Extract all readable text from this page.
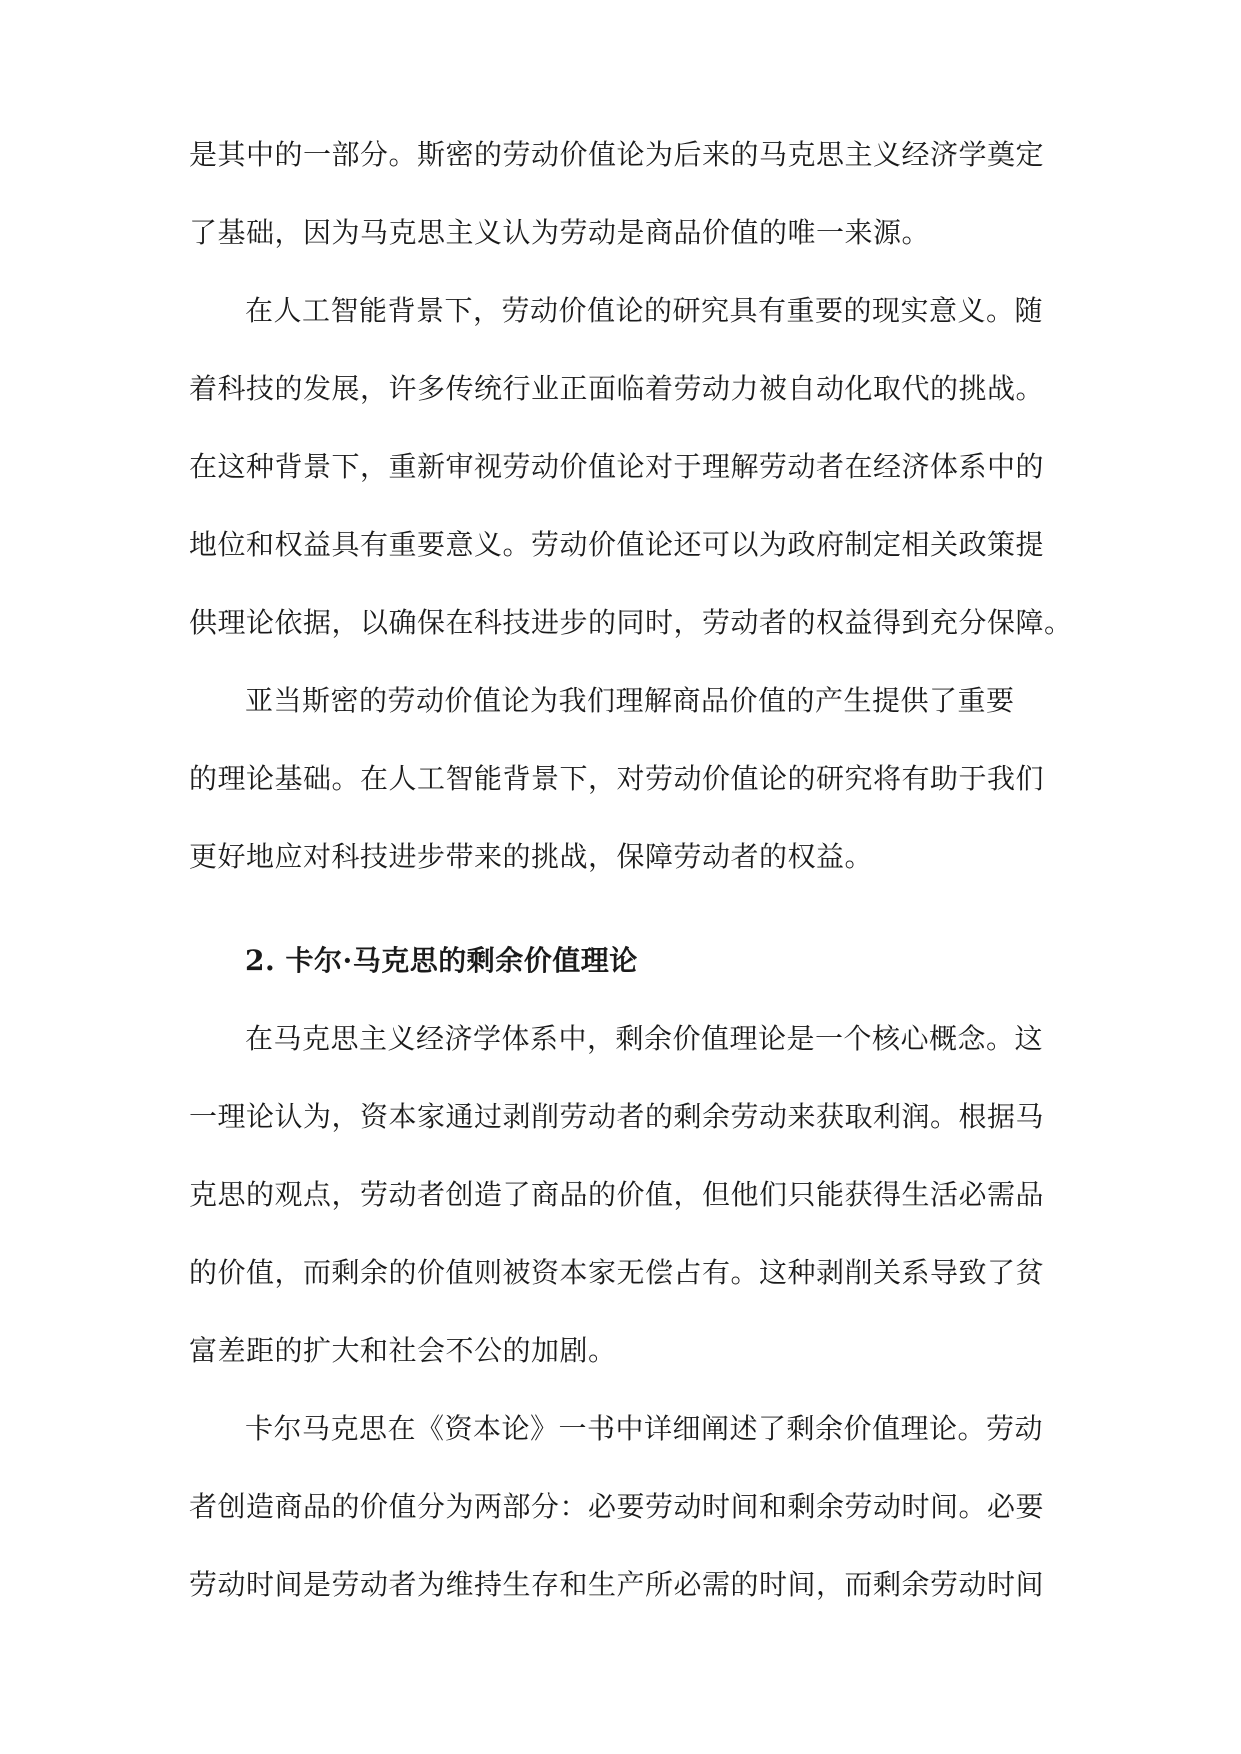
是其中的一部分。斯密的劳动价值论为后来的马克思主义经济学奠定
了基础，因为马克思主义认为劳动是商品价值的唯一来源。
在人工智能背景下，劳动价值论的研究具有重要的现实意义。随
着科技的发展，许多传统行业正面临着劳动力被自动化取代的挑战。
在这种背景下，重新审视劳动价值论对于理解劳动者在经济体系中的
地位和权益具有重要意义。劳动价值论还可以为政府制定相关政策提
供理论依据，以确保在科技进步的同时，劳动者的权益得到充分保障。
亚当斯密的劳动价值论为我们理解商品价值的产生提供了重要
的理论基础。在人工智能背景下，对劳动价值论的研究将有助于我们
更好地应对科技进步带来的挑战，保障劳动者的权益。
2. 卡尔·马克思的剩余价值理论
在马克思主义经济学体系中，剩余价值理论是一个核心概念。这
一理论认为，资本家通过剥削劳动者的剩余劳动来获取利润。根据马
克思的观点，劳动者创造了商品的价值，但他们只能获得生活必需品
的价值，而剩余的价值则被资本家无偿占有。这种剥削关系导致了贫
富差距的扩大和社会不公的加剧。
卡尔马克思在《资本论》一书中详细阐述了剩余价值理论。劳动
者创造商品的价值分为两部分：必要劳动时间和剩余劳动时间。必要
劳动时间是劳动者为维持生存和生产所必需的时间，而剩余劳动时间
